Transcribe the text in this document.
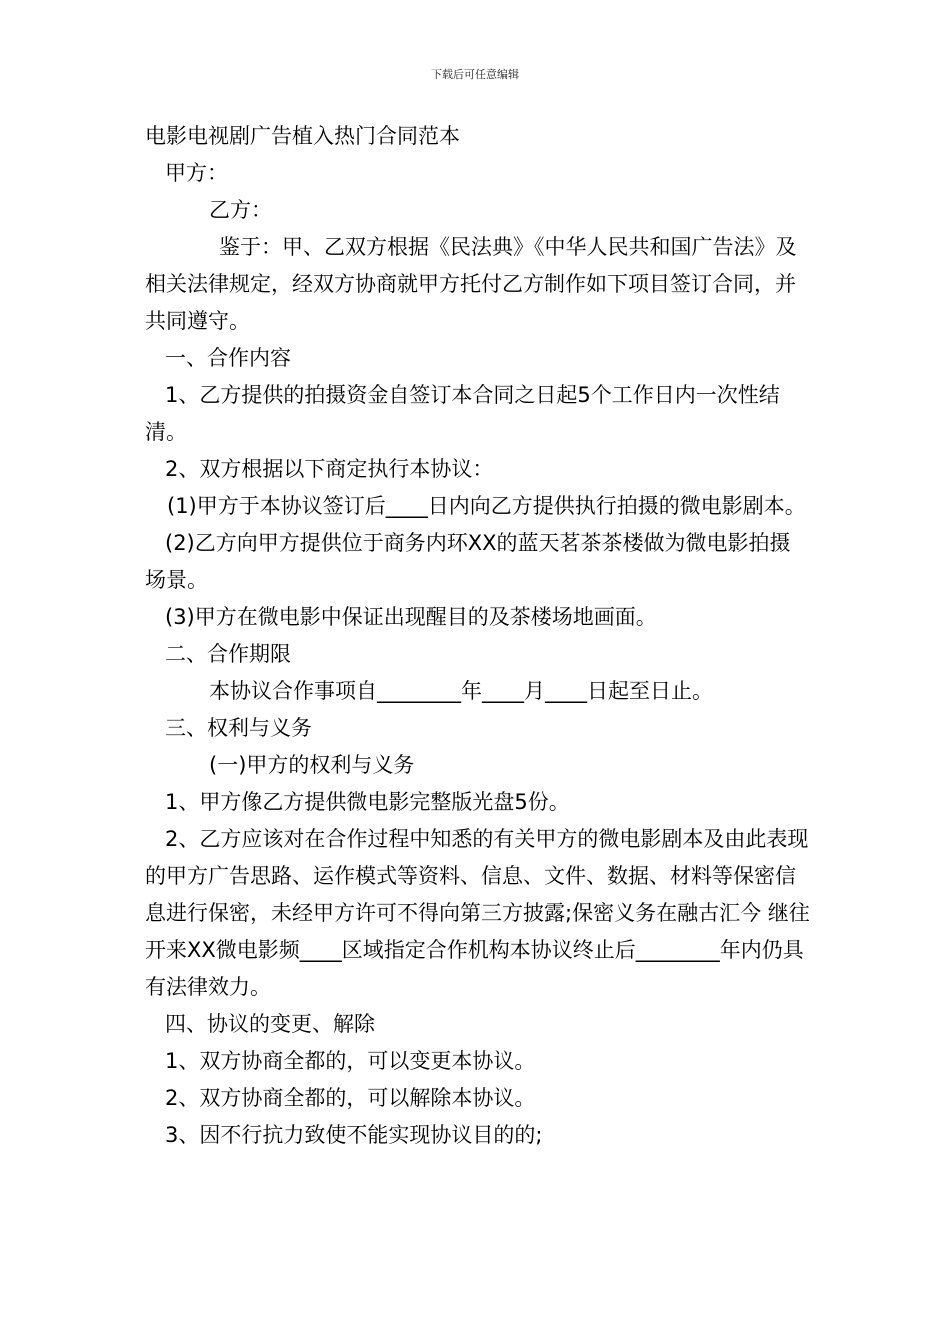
下载后可任意编辑

电影电视剧广告植入热门合同范本

甲方：

乙方：

鉴于：甲、乙双方根据《民法典》《中华人民共和国广告法》及相关法律规定，经双方协商就甲方托付乙方制作如下项目签订合同，并共同遵守。

一、合作内容

1、乙方提供的拍摄资金自签订本合同之日起5个工作日内一次性结清。

2、双方根据以下商定执行本协议：

(1)甲方于本协议签订后____日内向乙方提供执行拍摄的微电影剧本。

(2)乙方向甲方提供位于商务内环XX的蓝天茗茶茶楼做为微电影拍摄场景。

(3)甲方在微电影中保证出现醒目的及茶楼场地画面。

二、合作期限

本协议合作事项自________年____月____日起至日止。

三、权利与义务

(一)甲方的权利与义务

1、甲方像乙方提供微电影完整版光盘5份。

2、乙方应该对在合作过程中知悉的有关甲方的微电影剧本及由此表现的甲方广告思路、运作模式等资料、信息、文件、数据、材料等保密信息进行保密，未经甲方许可不得向第三方披露;保密义务在融古汇今 继往开来XX微电影频____区域指定合作机构本协议终止后________年内仍具有法律效力。

四、协议的变更、解除

1、双方协商全都的，可以变更本协议。

2、双方协商全都的，可以解除本协议。

3、因不行抗力致使不能实现协议目的的;
